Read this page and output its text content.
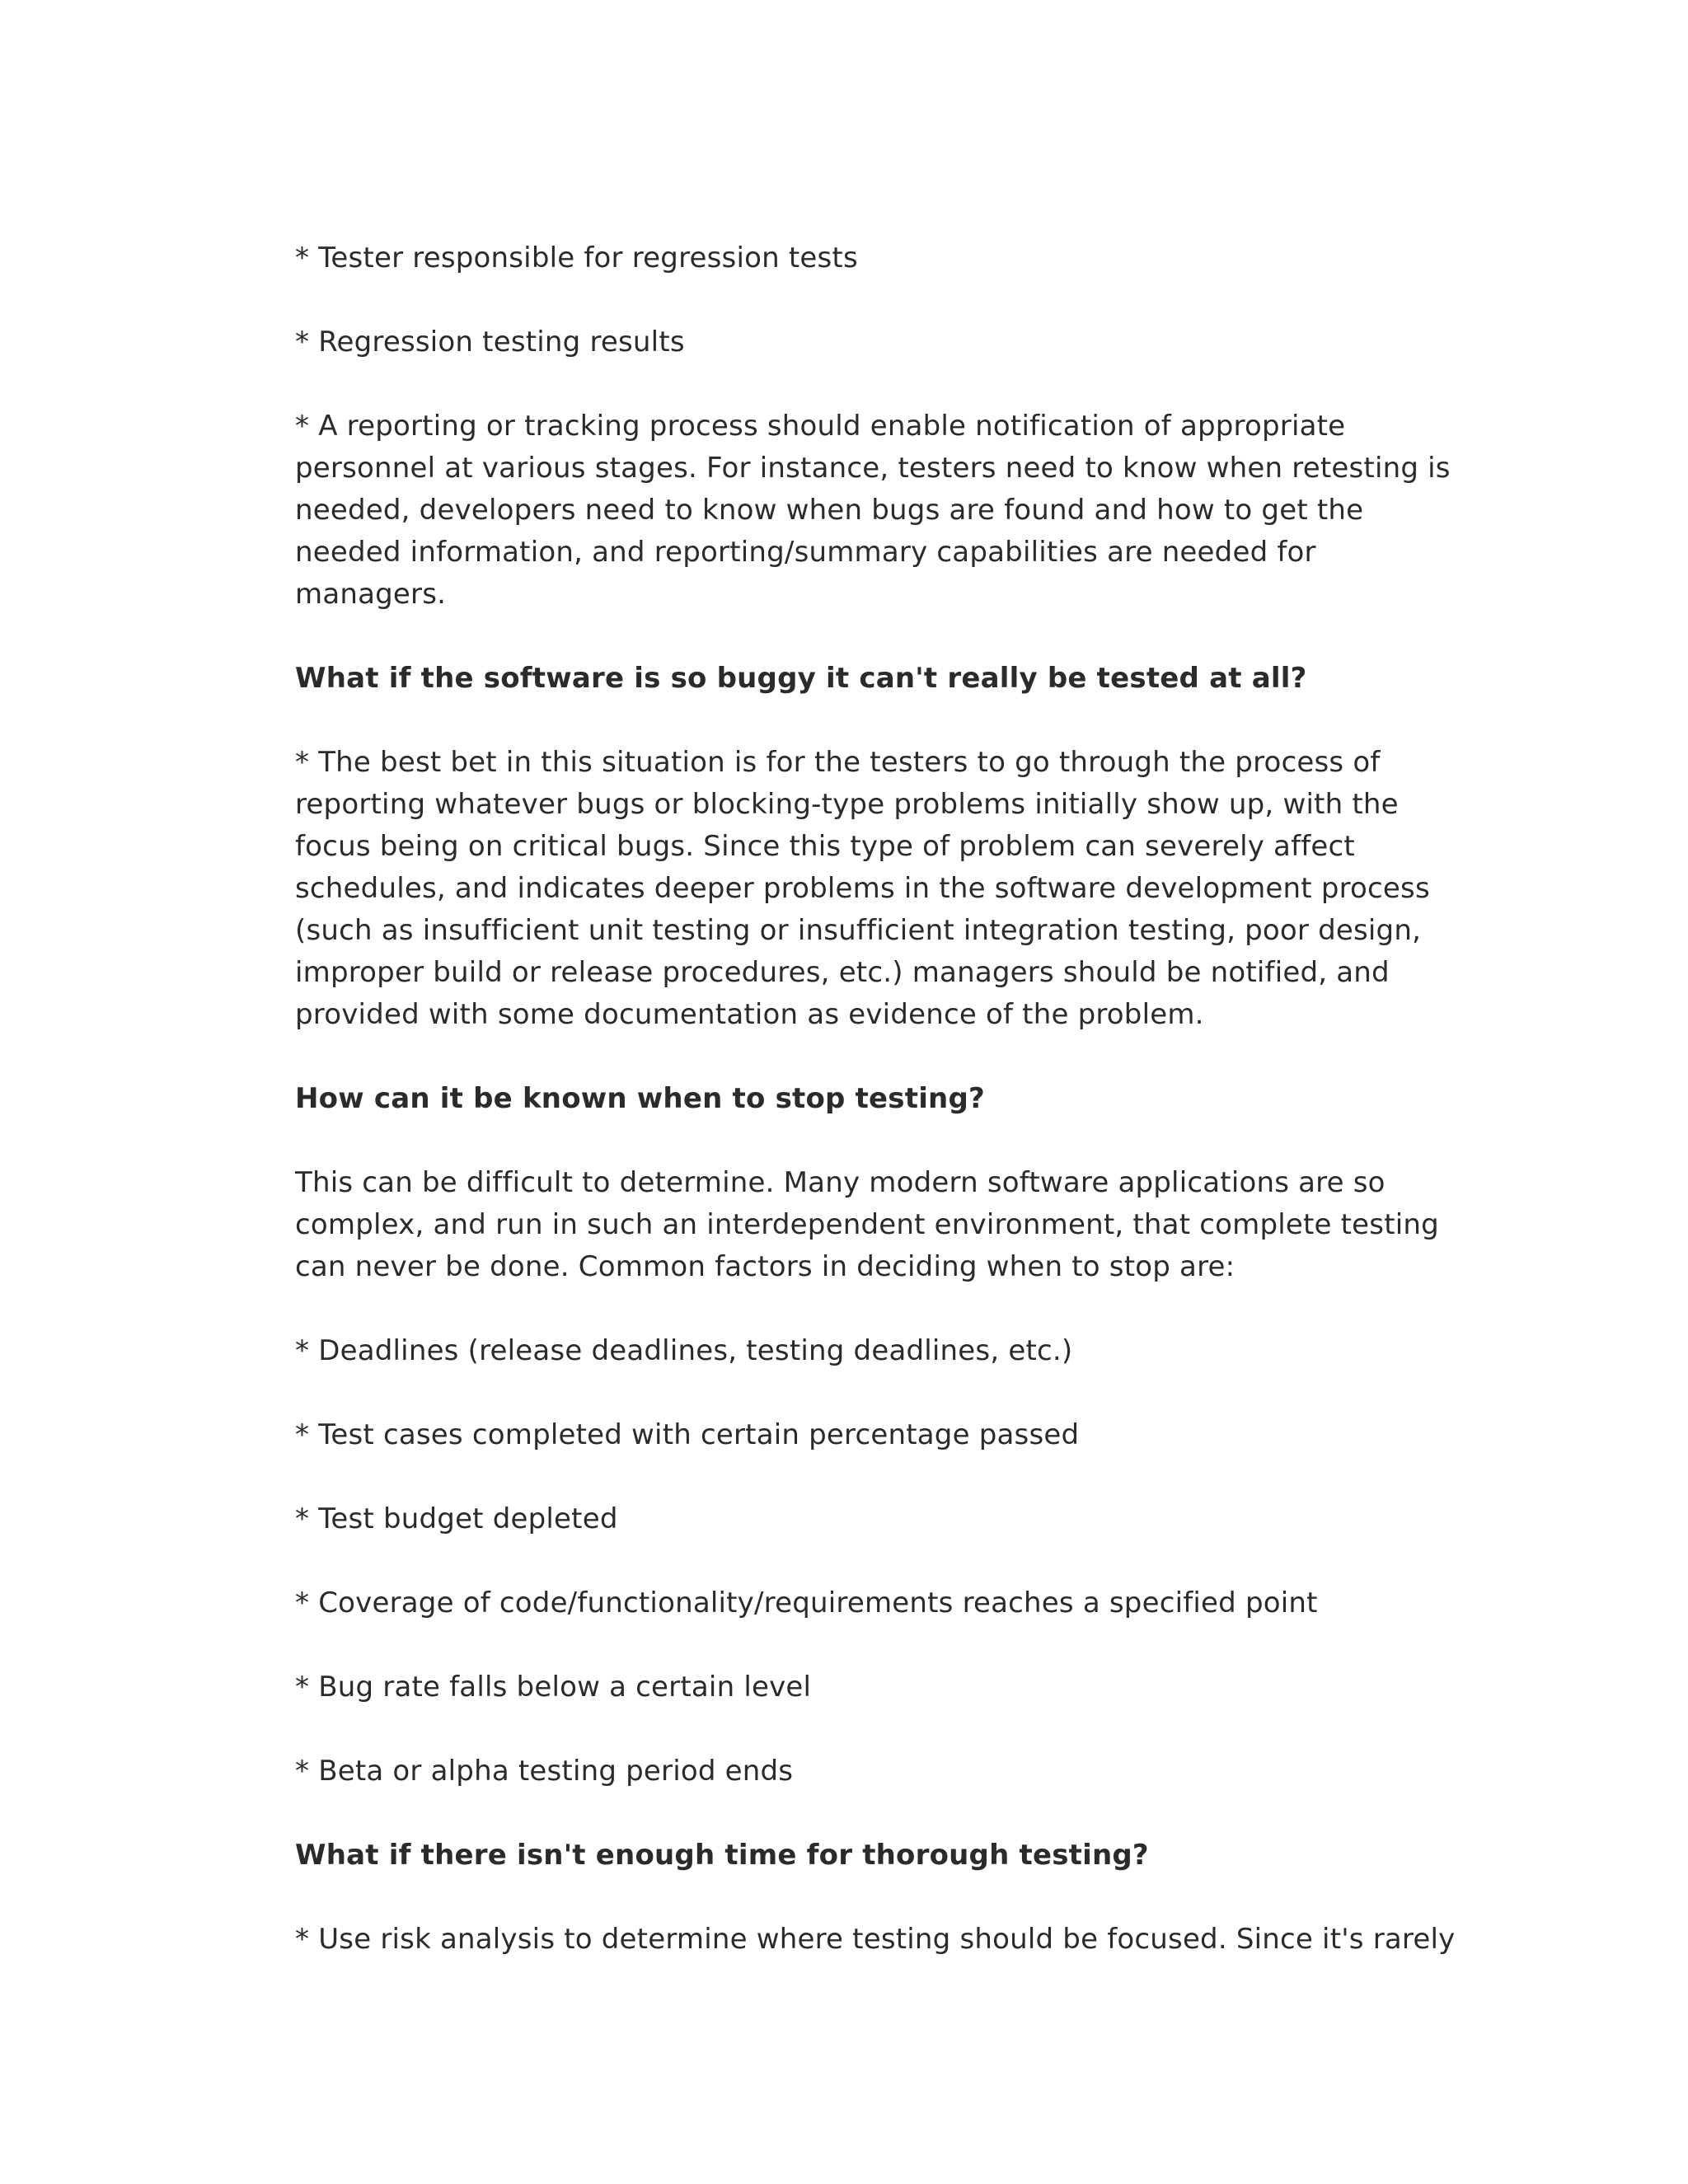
* Tester responsible for regression tests

* Regression testing results

* A reporting or tracking process should enable notification of appropriate personnel at various stages. For instance, testers need to know when retesting is needed, developers need to know when bugs are found and how to get the needed information, and reporting/summary capabilities are needed for managers.

What if the software is so buggy it can't really be tested at all?

* The best bet in this situation is for the testers to go through the process of reporting whatever bugs or blocking-type problems initially show up, with the focus being on critical bugs. Since this type of problem can severely affect schedules, and indicates deeper problems in the software development process (such as insufficient unit testing or insufficient integration testing, poor design, improper build or release procedures, etc.) managers should be notified, and provided with some documentation as evidence of the problem.

How can it be known when to stop testing?

This can be difficult to determine. Many modern software applications are so complex, and run in such an interdependent environment, that complete testing can never be done. Common factors in deciding when to stop are:

* Deadlines (release deadlines, testing deadlines, etc.)

* Test cases completed with certain percentage passed

* Test budget depleted

* Coverage of code/functionality/requirements reaches a specified point

* Bug rate falls below a certain level

* Beta or alpha testing period ends

What if there isn't enough time for thorough testing?

* Use risk analysis to determine where testing should be focused. Since it's rarely
